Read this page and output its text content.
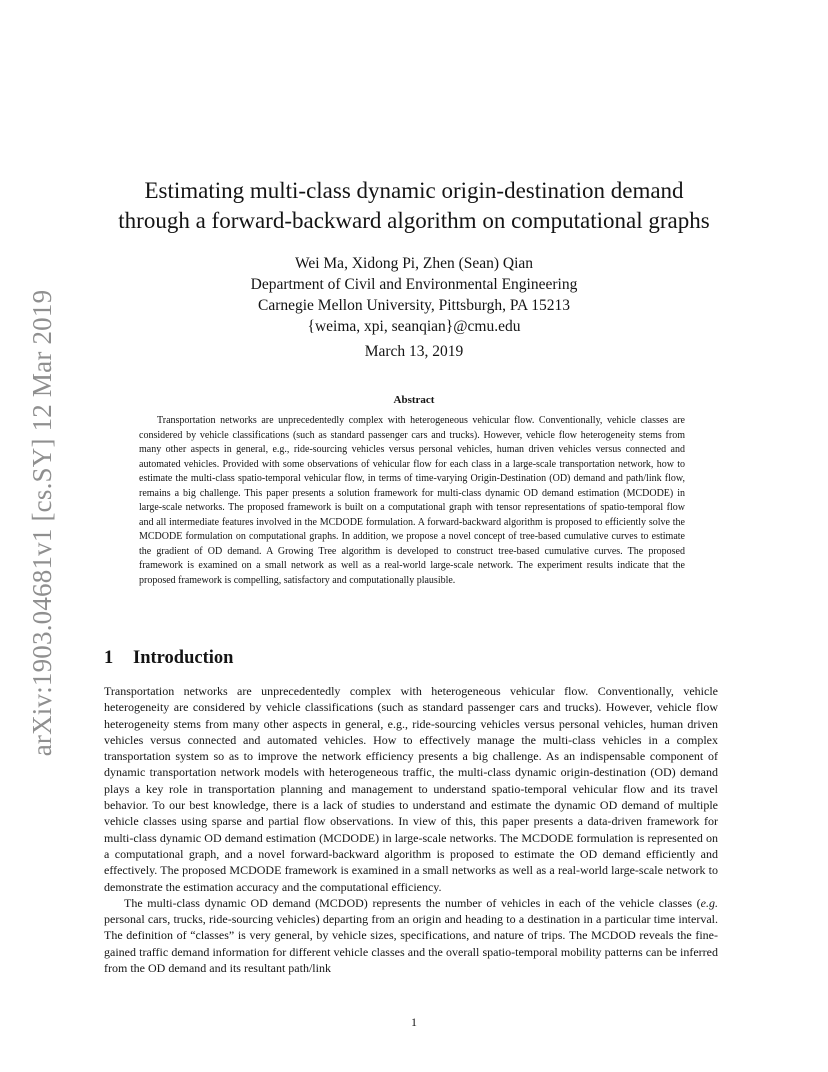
arXiv:1903.04681v1 [cs.SY] 12 Mar 2019
Estimating multi-class dynamic origin-destination demand
through a forward-backward algorithm on computational graphs
Wei Ma, Xidong Pi, Zhen (Sean) Qian
Department of Civil and Environmental Engineering
Carnegie Mellon University, Pittsburgh, PA 15213
{weima, xpi, seanqian}@cmu.edu
March 13, 2019
Abstract

Transportation networks are unprecedentedly complex with heterogeneous vehicular flow. Conventionally, vehicle classes are considered by vehicle classifications (such as standard passenger cars and trucks). However, vehicle flow heterogeneity stems from many other aspects in general, e.g., ride-sourcing vehicles versus personal vehicles, human driven vehicles versus connected and automated vehicles. Provided with some observations of vehicular flow for each class in a large-scale transportation network, how to estimate the multi-class spatio-temporal vehicular flow, in terms of time-varying Origin-Destination (OD) demand and path/link flow, remains a big challenge. This paper presents a solution framework for multi-class dynamic OD demand estimation (MCDODE) in large-scale networks. The proposed framework is built on a computational graph with tensor representations of spatio-temporal flow and all intermediate features involved in the MCDODE formulation. A forward-backward algorithm is proposed to efficiently solve the MCDODE formulation on computational graphs. In addition, we propose a novel concept of tree-based cumulative curves to estimate the gradient of OD demand. A Growing Tree algorithm is developed to construct tree-based cumulative curves. The proposed framework is examined on a small network as well as a real-world large-scale network. The experiment results indicate that the proposed framework is compelling, satisfactory and computationally plausible.

1 Introduction

Transportation networks are unprecedentedly complex with heterogeneous vehicular flow. Conventionally, vehicle heterogeneity are considered by vehicle classifications (such as standard passenger cars and trucks). However, vehicle flow heterogeneity stems from many other aspects in general, e.g., ride-sourcing vehicles versus personal vehicles, human driven vehicles versus connected and automated vehicles. How to effectively manage the multi-class vehicles in a complex transportation system so as to improve the network efficiency presents a big challenge. As an indispensable component of dynamic transportation network models with heterogeneous traffic, the multi-class dynamic origin-destination (OD) demand plays a key role in transportation planning and management to understand spatio-temporal vehicular flow and its travel behavior. To our best knowledge, there is a lack of studies to understand and estimate the dynamic OD demand of multiple vehicle classes using sparse and partial flow observations. In view of this, this paper presents a data-driven framework for multi-class dynamic OD demand estimation (MCDODE) in large-scale networks. The MCDODE formulation is represented on a computational graph, and a novel forward-backward algorithm is proposed to estimate the OD demand efficiently and effectively. The proposed MCDODE framework is examined in a small networks as well as a real-world large-scale network to demonstrate the estimation accuracy and the computational efficiency.

The multi-class dynamic OD demand (MCDOD) represents the number of vehicles in each of the vehicle classes (e.g. personal cars, trucks, ride-sourcing vehicles) departing from an origin and heading to a destination in a particular time interval. The definition of “classes” is very general, by vehicle sizes, specifications, and nature of trips. The MCDOD reveals the fine-gained traffic demand information for different vehicle classes and the overall spatio-temporal mobility patterns can be inferred from the OD demand and its resultant path/link

1
